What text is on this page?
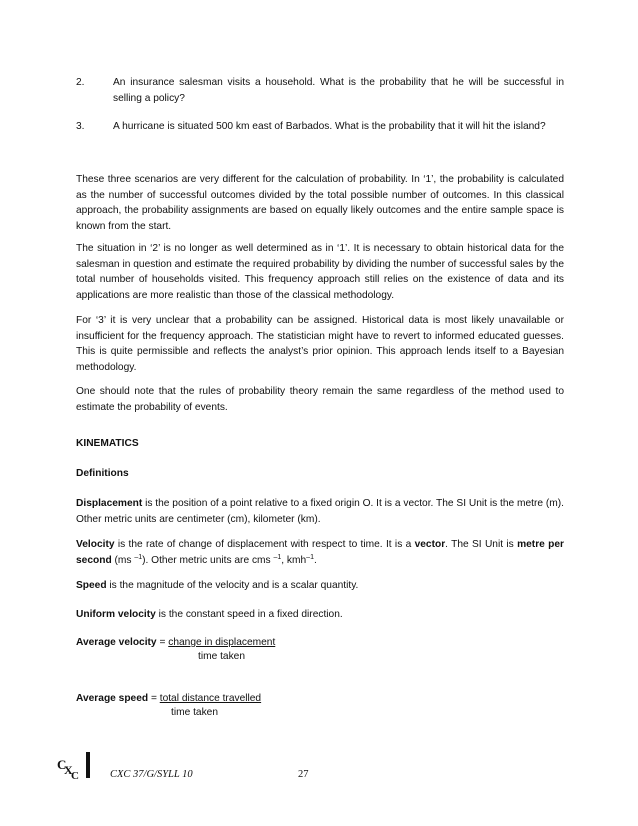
2.	An insurance salesman visits a household. What is the probability that he will be successful in selling a policy?
3.	A hurricane is situated 500 km east of Barbados. What is the probability that it will hit the island?
These three scenarios are very different for the calculation of probability. In ‘1’, the probability is calculated as the number of successful outcomes divided by the total possible number of outcomes. In this classical approach, the probability assignments are based on equally likely outcomes and the entire sample space is known from the start.
The situation in ‘2’ is no longer as well determined as in ‘1’. It is necessary to obtain historical data for the salesman in question and estimate the required probability by dividing the number of successful sales by the total number of households visited. This frequency approach still relies on the existence of data and its applications are more realistic than those of the classical methodology.
For ‘3’ it is very unclear that a probability can be assigned. Historical data is most likely unavailable or insufficient for the frequency approach. The statistician might have to revert to informed educated guesses. This is quite permissible and reflects the analyst’s prior opinion. This approach lends itself to a Bayesian methodology.
One should note that the rules of probability theory remain the same regardless of the method used to estimate the probability of events.
KINEMATICS
Definitions
Displacement is the position of a point relative to a fixed origin O. It is a vector. The SI Unit is the metre (m). Other metric units are centimeter (cm), kilometer (km).
Velocity is the rate of change of displacement with respect to time. It is a vector. The SI Unit is metre per second (ms $^{-1}$). Other metric units are cms $^{-1}$, kmh$^{-1}$.
Speed is the magnitude of the velocity and is a scalar quantity.
Uniform velocity is the constant speed in a fixed direction.
Average velocity = change in displacement
time taken
Average speed = total distance travelled
time taken
C
X
C	CXC 37/G/SYLL 10	27
